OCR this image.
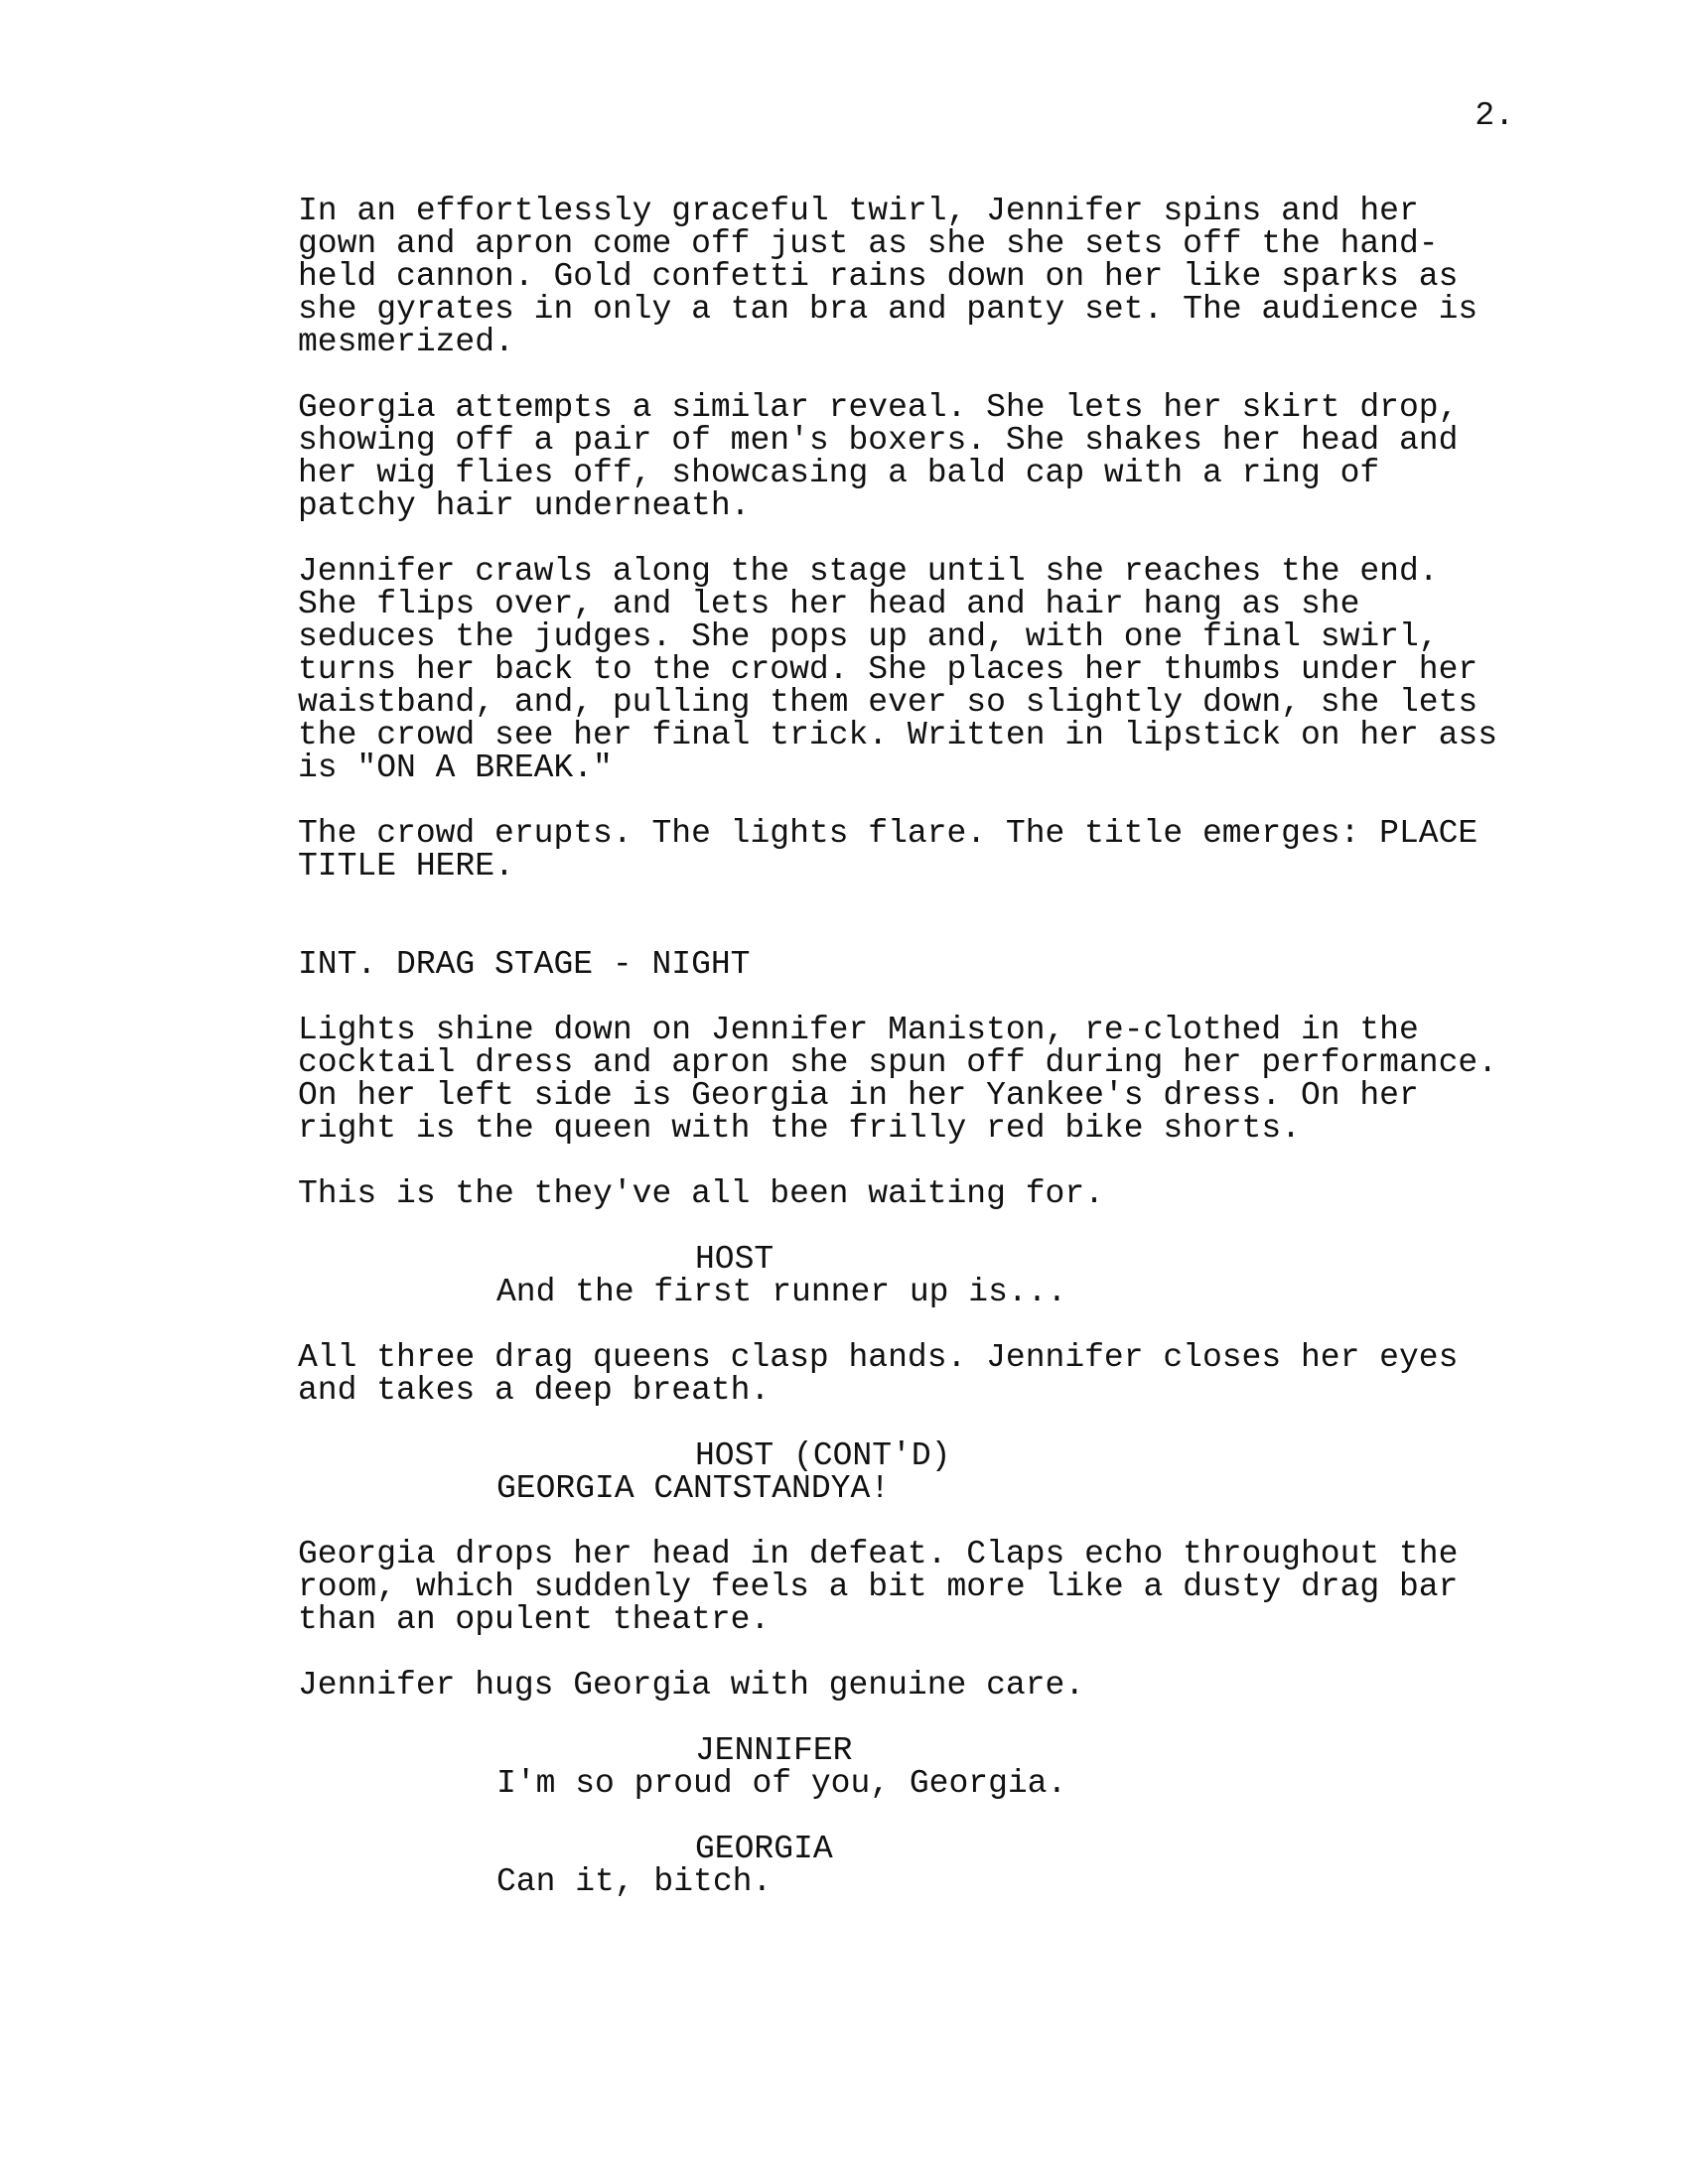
2.

In an effortlessly graceful twirl, Jennifer spins and her
gown and apron come off just as she she sets off the hand-
held cannon. Gold confetti rains down on her like sparks as
she gyrates in only a tan bra and panty set. The audience is
mesmerized.

Georgia attempts a similar reveal. She lets her skirt drop,
showing off a pair of men's boxers. She shakes her head and
her wig flies off, showcasing a bald cap with a ring of
patchy hair underneath.

Jennifer crawls along the stage until she reaches the end.
She flips over, and lets her head and hair hang as she
seduces the judges. She pops up and, with one final swirl,
turns her back to the crowd. She places her thumbs under her
waistband, and, pulling them ever so slightly down, she lets
the crowd see her final trick. Written in lipstick on her ass
is "ON A BREAK."

The crowd erupts. The lights flare. The title emerges: PLACE
TITLE HERE.

INT. DRAG STAGE - NIGHT

Lights shine down on Jennifer Maniston, re-clothed in the
cocktail dress and apron she spun off during her performance.
On her left side is Georgia in her Yankee's dress. On her
right is the queen with the frilly red bike shorts.

This is the they've all been waiting for.

HOST

And the first runner up is...

All three drag queens clasp hands. Jennifer closes her eyes
and takes a deep breath.

HOST (CONT'D)

GEORGIA CANTSTANDYA!

Georgia drops her head in defeat. Claps echo throughout the
room, which suddenly feels a bit more like a dusty drag bar
than an opulent theatre.

Jennifer hugs Georgia with genuine care.

JENNIFER

I'm so proud of you, Georgia.

GEORGIA

Can it, bitch.
